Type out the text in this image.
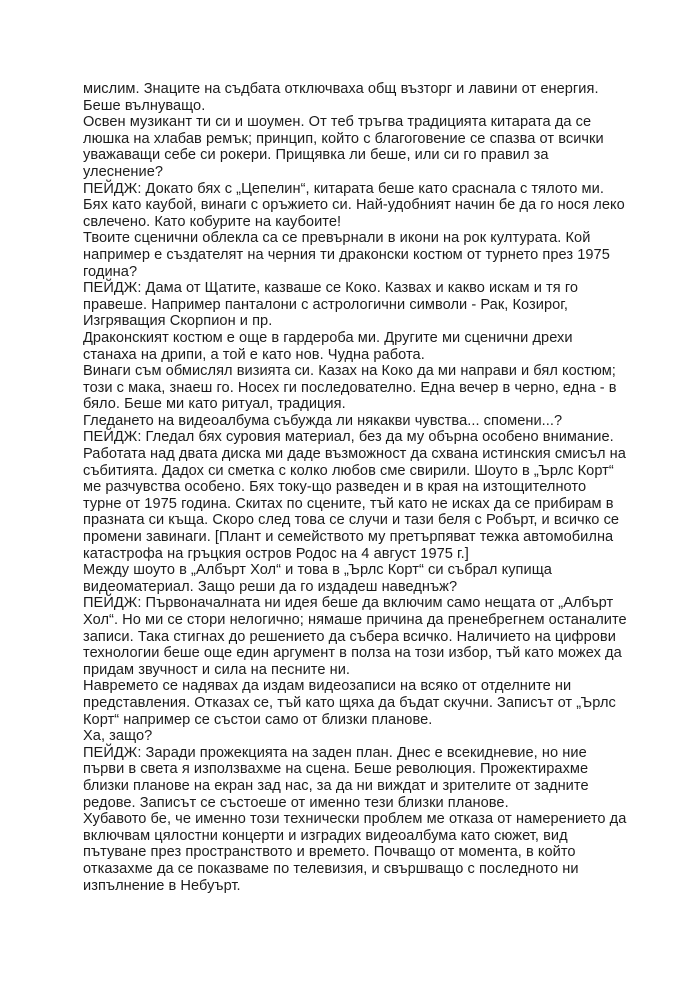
мислим. Знаците на съдбата отключваха общ възторг и лавини от енергия.

Беше вълнуващо.

Освен музикант ти си и шоумен. От теб тръгва традицията китарата да се люшка на хлабав ремък; принцип, който с благоговение се спазва от всички уважаващи себе си рокери. Прищявка ли беше, или си го правил за улеснение?

ПЕЙДЖ: Докато бях с „Цепелин“, китарата беше като сраснала с тялото ми. Бях като каубой, винаги с оръжието си. Най-удобният начин бе да го нося леко свлечено. Като кобурите на каубоите!

Твоите сценични облекла са се превърнали в икони на рок културата. Кой например е създателят на черния ти драконски костюм от турнето през 1975 година?

ПЕЙДЖ: Дама от Щатите, казваше се Коко. Казвах и какво искам и тя го правеше. Например панталони с астрологични символи - Рак, Козирог, Изгряващия Скорпион и пр.

Драконският костюм е още в гардероба ми. Другите ми сценични дрехи станаха на дрипи, а той е като нов. Чудна работа.

Винаги съм обмислял визията си. Казах на Коко да ми направи и бял костюм; този с мака, знаеш го. Носех ги последователно. Една вечер в черно, една - в бяло. Беше ми като ритуал, традиция.

Гледането на видеоалбума събужда ли някакви чувства... спомени...?

ПЕЙДЖ: Гледал бях суровия материал, без да му обърна особено внимание. Работата над двата диска ми даде възможност да схвана истинския смисъл на събитията. Дадох си сметка с колко любов сме свирили. Шоуто в „Ърлс Корт“ ме разчувства особено. Бях току-що разведен и в края на изтощителното турне от 1975 година. Скитах по сцените, тъй като не исках да се прибирам в празната си къща. Скоро след това се случи и тази беля с Робърт, и всичко се промени завинаги. [Плант и семейството му претърпяват тежка автомобилна катастрофа на гръцкия остров Родос на 4 август 1975 г.]

Между шоуто в „Албърт Хол“ и това в „Ърлс Корт“ си събрал купища видеоматериал. Защо реши да го издадеш наведнъж?

ПЕЙДЖ: Първоначалната ни идея беше да включим само нещата от „Албърт Хол“. Но ми се стори нелогично; нямаше причина да пренебрегнем останалите записи. Така стигнах до решението да събера всичко. Наличието на цифрови технологии беше още един аргумент в полза на този избор, тъй като можех да придам звучност и сила на песните ни.

Навремето се надявах да издам видеозаписи на всяко от отделните ни представления. Отказах се, тъй като щяха да бъдат скучни. Записът от „Ърлс Корт“ например се състои само от близки планове.

Ха, защо?

ПЕЙДЖ: Заради прожекцията на заден план. Днес е всекидневие, но ние първи в света я използвахме на сцена. Беше революция. Прожектирахме близки планове на екран зад нас, за да ни виждат и зрителите от задните редове. Записът се състоеше от именно тези близки планове.

Хубавото бе, че именно този технически проблем ме отказа от намерението да включвам цялостни концерти и изградих видеоалбума като сюжет, вид пътуване през пространството и времето. Почващо от момента, в който отказахме да се показваме по телевизия, и свършващо с последното ни изпълнение в Небуърт.
